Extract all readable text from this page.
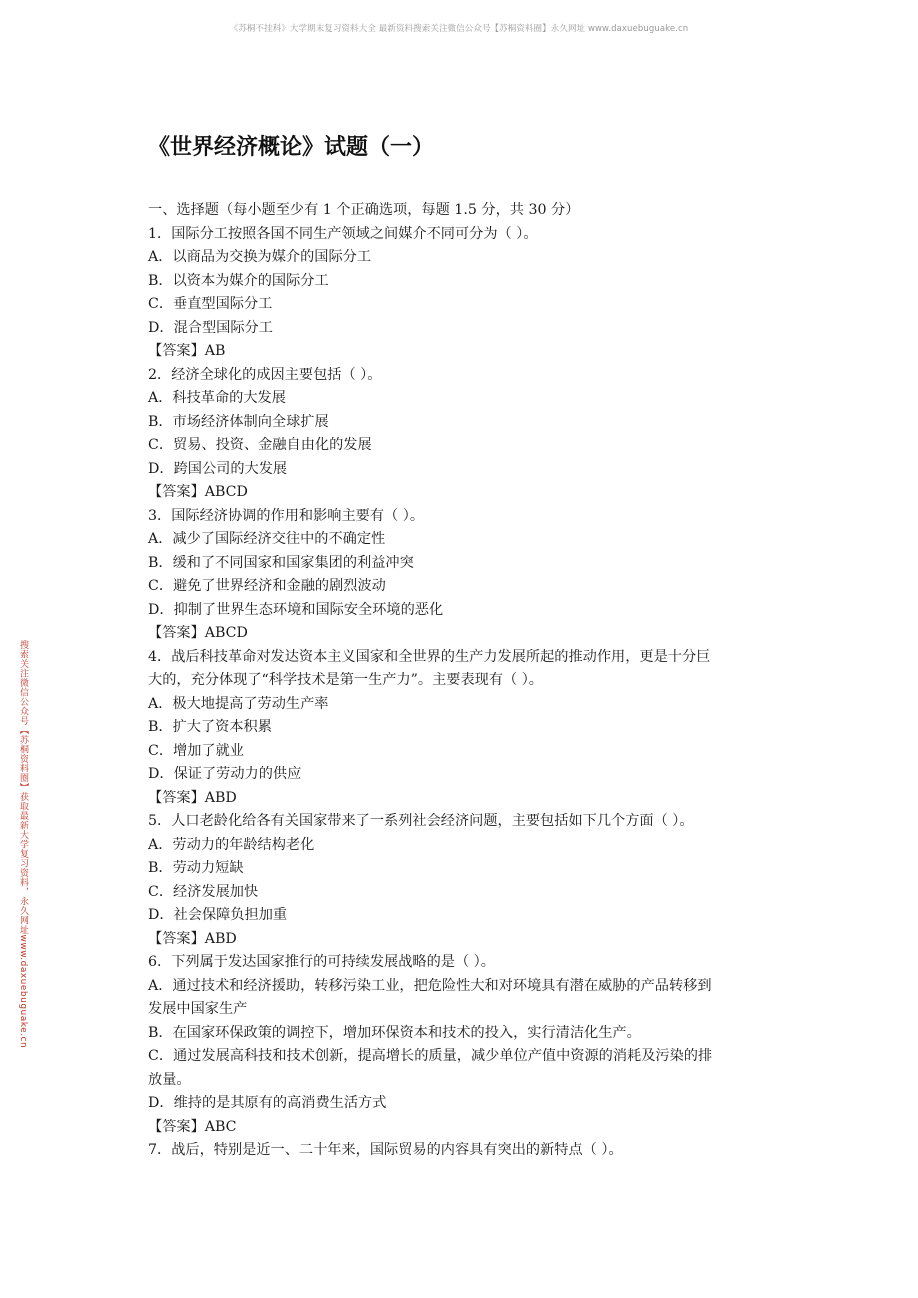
《苏桐不挂科》大学期末复习资料大全 最新资料搜索关注微信公众号【苏桐资料圈】永久网址 www.daxuebuguake.cn
搜索关注微信公众号【苏桐资料圈】获取最新大学复习资料，永久网址www.daxuebuguake.cn
《世界经济概论》试题（一）
一、选择题（每小题至少有 1 个正确选项，每题 1.5 分，共 30 分）
1．国际分工按照各国不同生产领域之间媒介不同可分为（ ）。
A．以商品为交换为媒介的国际分工
B．以资本为媒介的国际分工
C．垂直型国际分工
D．混合型国际分工
【答案】AB
2．经济全球化的成因主要包括（ ）。
A．科技革命的大发展
B．市场经济体制向全球扩展
C．贸易、投资、金融自由化的发展
D．跨国公司的大发展
【答案】ABCD
3．国际经济协调的作用和影响主要有（ ）。
A．减少了国际经济交往中的不确定性
B．缓和了不同国家和国家集团的利益冲突
C．避免了世界经济和金融的剧烈波动
D．抑制了世界生态环境和国际安全环境的恶化
【答案】ABCD
4．战后科技革命对发达资本主义国家和全世界的生产力发展所起的推动作用，更是十分巨
大的，充分体现了“科学技术是第一生产力”。主要表现有（ ）。
A．极大地提高了劳动生产率
B．扩大了资本积累
C．增加了就业
D．保证了劳动力的供应
【答案】ABD
5．人口老龄化给各有关国家带来了一系列社会经济问题，主要包括如下几个方面（ ）。
A．劳动力的年龄结构老化
B．劳动力短缺
C．经济发展加快
D．社会保障负担加重
【答案】ABD
6．下列属于发达国家推行的可持续发展战略的是（ ）。
A．通过技术和经济援助，转移污染工业，把危险性大和对环境具有潜在威胁的产品转移到
发展中国家生产
B．在国家环保政策的调控下，增加环保资本和技术的投入，实行清洁化生产。
C．通过发展高科技和技术创新，提高增长的质量，减少单位产值中资源的消耗及污染的排
放量。
D．维持的是其原有的高消费生活方式
【答案】ABC
7．战后，特别是近一、二十年来，国际贸易的内容具有突出的新特点（ ）。
